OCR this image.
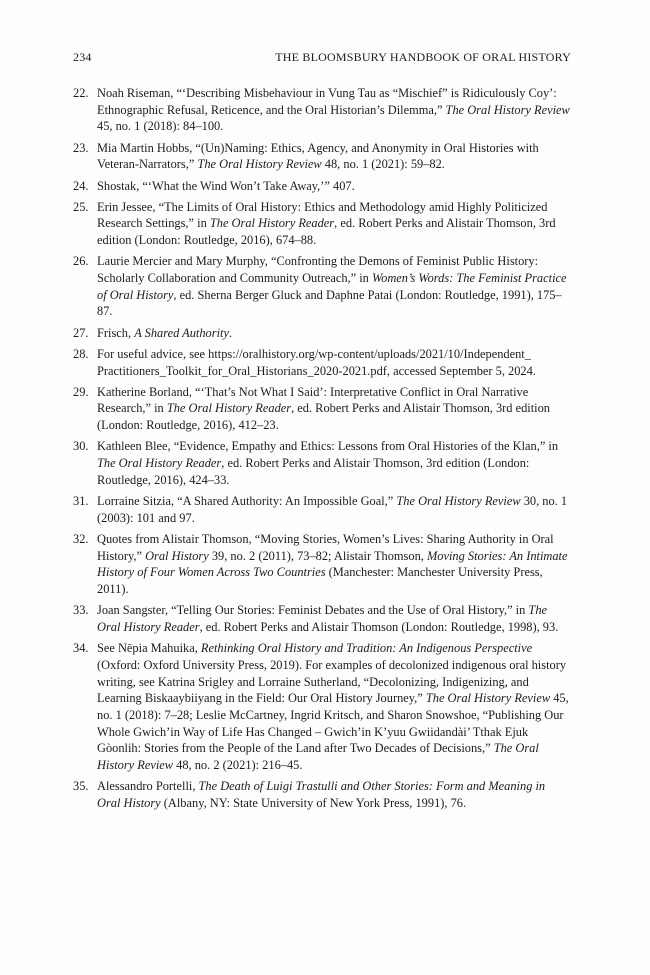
234	THE BLOOMSBURY HANDBOOK OF ORAL HISTORY
22. Noah Riseman, “‘Describing Misbehaviour in Vung Tau as “Mischief” is Ridiculously Coy’: Ethnographic Refusal, Reticence, and the Oral Historian’s Dilemma,” The Oral History Review 45, no. 1 (2018): 84–100.
23. Mia Martin Hobbs, “(Un)Naming: Ethics, Agency, and Anonymity in Oral Histories with Veteran-Narrators,” The Oral History Review 48, no. 1 (2021): 59–82.
24. Shostak, “‘What the Wind Won’t Take Away,’” 407.
25. Erin Jessee, “The Limits of Oral History: Ethics and Methodology amid Highly Politicized Research Settings,” in The Oral History Reader, ed. Robert Perks and Alistair Thomson, 3rd edition (London: Routledge, 2016), 674–88.
26. Laurie Mercier and Mary Murphy, “Confronting the Demons of Feminist Public History: Scholarly Collaboration and Community Outreach,” in Women’s Words: The Feminist Practice of Oral History, ed. Sherna Berger Gluck and Daphne Patai (London: Routledge, 1991), 175–87.
27. Frisch, A Shared Authority.
28. For useful advice, see https://oralhistory.org/wp-content/uploads/2021/10/Independent_ Practitioners_Toolkit_for_Oral_Historians_2020-2021.pdf, accessed September 5, 2024.
29. Katherine Borland, “‘That’s Not What I Said’: Interpretative Conflict in Oral Narrative Research,” in The Oral History Reader, ed. Robert Perks and Alistair Thomson, 3rd edition (London: Routledge, 2016), 412–23.
30. Kathleen Blee, “Evidence, Empathy and Ethics: Lessons from Oral Histories of the Klan,” in The Oral History Reader, ed. Robert Perks and Alistair Thomson, 3rd edition (London: Routledge, 2016), 424–33.
31. Lorraine Sitzia, “A Shared Authority: An Impossible Goal,” The Oral History Review 30, no. 1 (2003): 101 and 97.
32. Quotes from Alistair Thomson, “Moving Stories, Women’s Lives: Sharing Authority in Oral History,” Oral History 39, no. 2 (2011), 73–82; Alistair Thomson, Moving Stories: An Intimate History of Four Women Across Two Countries (Manchester: Manchester University Press, 2011).
33. Joan Sangster, “Telling Our Stories: Feminist Debates and the Use of Oral History,” in The Oral History Reader, ed. Robert Perks and Alistair Thomson (London: Routledge, 1998), 93.
34. See Nēpia Mahuika, Rethinking Oral History and Tradition: An Indigenous Perspective (Oxford: Oxford University Press, 2019). For examples of decolonized indigenous oral history writing, see Katrina Srigley and Lorraine Sutherland, “Decolonizing, Indigenizing, and Learning Biskaaybiiyang in the Field: Our Oral History Journey,” The Oral History Review 45, no. 1 (2018): 7–28; Leslie McCartney, Ingrid Kritsch, and Sharon Snowshoe, “Publishing Our Whole Gwich’in Way of Life Has Changed – Gwich’in K’yuu Gwiidandài’ Tthak Ejuk Gòonlih: Stories from the People of the Land after Two Decades of Decisions,” The Oral History Review 48, no. 2 (2021): 216–45.
35. Alessandro Portelli, The Death of Luigi Trastulli and Other Stories: Form and Meaning in Oral History (Albany, NY: State University of New York Press, 1991), 76.
